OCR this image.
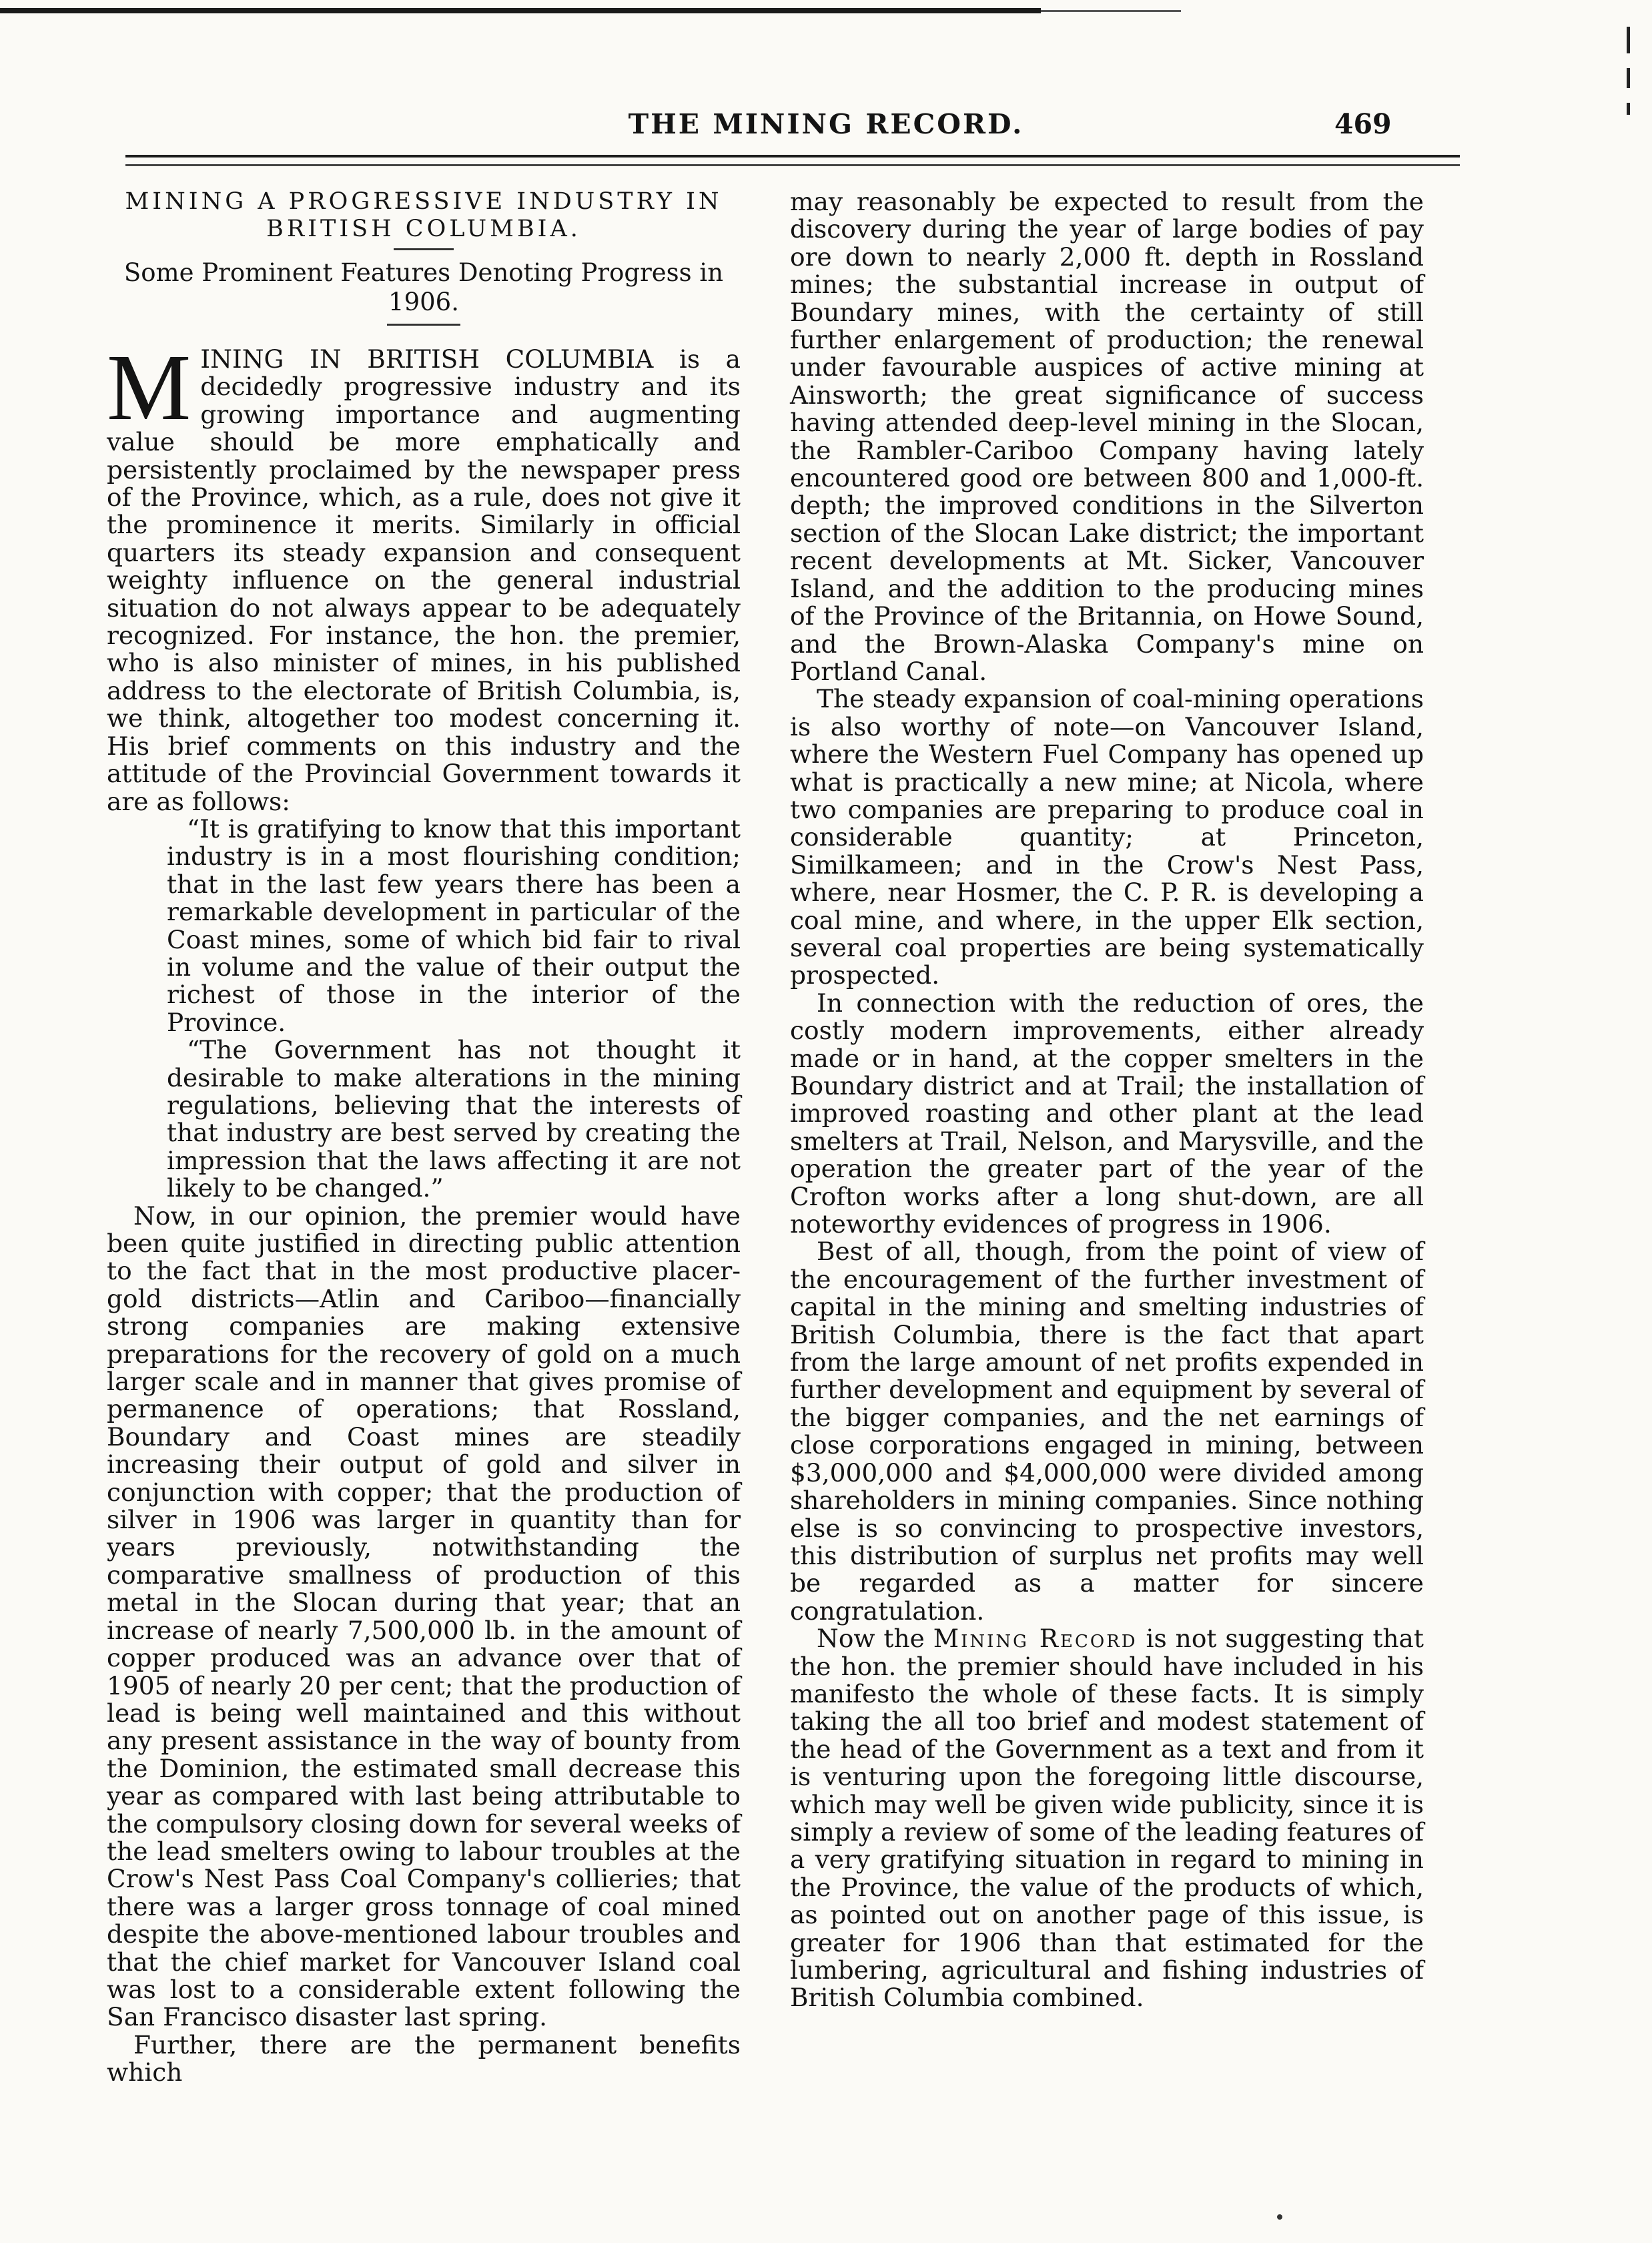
THE MINING RECORD.	469

MINING A PROGRESSIVE INDUSTRY IN BRITISH COLUMBIA.

Some Prominent Features Denoting Progress in 1906.

MINING IN BRITISH COLUMBIA is a decidedly progressive industry and its growing importance and augmenting value should be more emphatically and persistently proclaimed by the newspaper press of the Province, which, as a rule, does not give it the prominence it merits. Similarly in official quarters its steady expansion and consequent weighty influence on the general industrial situation do not always appear to be adequately recognized. For instance, the hon. the premier, who is also minister of mines, in his published address to the electorate of British Columbia, is, we think, altogether too modest concerning it. His brief comments on this industry and the attitude of the Provincial Government towards it are as follows:

“It is gratifying to know that this important industry is in a most flourishing condition; that in the last few years there has been a remarkable development in particular of the Coast mines, some of which bid fair to rival in volume and the value of their output the richest of those in the interior of the Province.

“The Government has not thought it desirable to make alterations in the mining regulations, believing that the interests of that industry are best served by creating the impression that the laws affecting it are not likely to be changed.”

Now, in our opinion, the premier would have been quite justified in directing public attention to the fact that in the most productive placer-gold districts—Atlin and Cariboo—financially strong companies are making extensive preparations for the recovery of gold on a much larger scale and in manner that gives promise of permanence of operations; that Rossland, Boundary and Coast mines are steadily increasing their output of gold and silver in conjunction with copper; that the production of silver in 1906 was larger in quantity than for years previously, notwithstanding the comparative smallness of production of this metal in the Slocan during that year; that an increase of nearly 7,500,000 lb. in the amount of copper produced was an advance over that of 1905 of nearly 20 per cent; that the production of lead is being well maintained and this without any present assistance in the way of bounty from the Dominion, the estimated small decrease this year as compared with last being attributable to the compulsory closing down for several weeks of the lead smelters owing to labour troubles at the Crow's Nest Pass Coal Company's collieries; that there was a larger gross tonnage of coal mined despite the above-mentioned labour troubles and that the chief market for Vancouver Island coal was lost to a considerable extent following the San Francisco disaster last spring.

Further, there are the permanent benefits which

may reasonably be expected to result from the discovery during the year of large bodies of pay ore down to nearly 2,000 ft. depth in Rossland mines; the substantial increase in output of Boundary mines, with the certainty of still further enlargement of production; the renewal under favourable auspices of active mining at Ainsworth; the great significance of success having attended deep-level mining in the Slocan, the Rambler-Cariboo Company having lately encountered good ore between 800 and 1,000-ft. depth; the improved conditions in the Silverton section of the Slocan Lake district; the important recent developments at Mt. Sicker, Vancouver Island, and the addition to the producing mines of the Province of the Britannia, on Howe Sound, and the Brown-Alaska Company's mine on Portland Canal.

The steady expansion of coal-mining operations is also worthy of note—on Vancouver Island, where the Western Fuel Company has opened up what is practically a new mine; at Nicola, where two companies are preparing to produce coal in considerable quantity; at Princeton, Similkameen; and in the Crow's Nest Pass, where, near Hosmer, the C. P. R. is developing a coal mine, and where, in the upper Elk section, several coal properties are being systematically prospected.

In connection with the reduction of ores, the costly modern improvements, either already made or in hand, at the copper smelters in the Boundary district and at Trail; the installation of improved roasting and other plant at the lead smelters at Trail, Nelson, and Marysville, and the operation the greater part of the year of the Crofton works after a long shut-down, are all noteworthy evidences of progress in 1906.

Best of all, though, from the point of view of the encouragement of the further investment of capital in the mining and smelting industries of British Columbia, there is the fact that apart from the large amount of net profits expended in further development and equipment by several of the bigger companies, and the net earnings of close corporations engaged in mining, between $3,000,000 and $4,000,000 were divided among shareholders in mining companies. Since nothing else is so convincing to prospective investors, this distribution of surplus net profits may well be regarded as a matter for sincere congratulation.

Now the Mining Record is not suggesting that the hon. the premier should have included in his manifesto the whole of these facts. It is simply taking the all too brief and modest statement of the head of the Government as a text and from it is venturing upon the foregoing little discourse, which may well be given wide publicity, since it is simply a review of some of the leading features of a very gratifying situation in regard to mining in the Province, the value of the products of which, as pointed out on another page of this issue, is greater for 1906 than that estimated for the lumbering, agricultural and fishing industries of British Columbia combined.
